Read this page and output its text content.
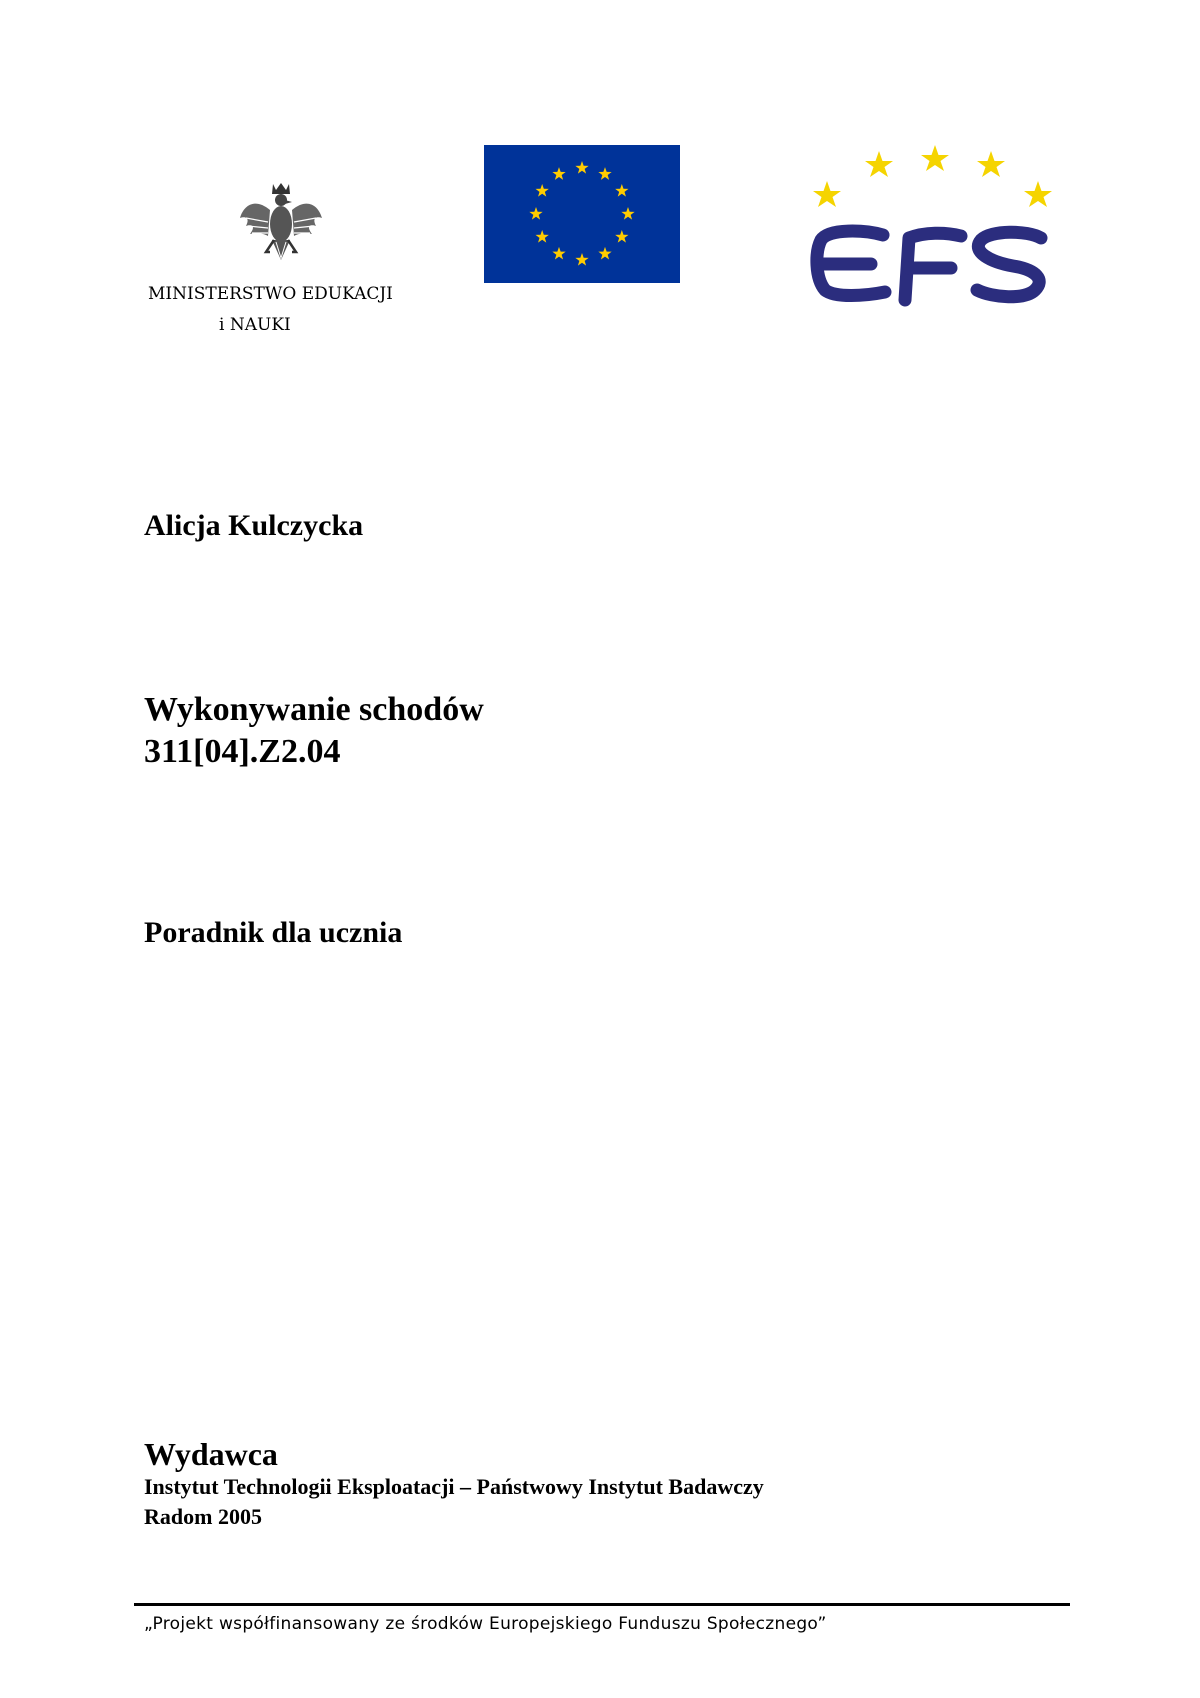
MINISTERSTWO EDUKACJI
i NAUKI
Alicja Kulczycka
Wykonywanie schodów
311[04].Z2.04
Poradnik dla ucznia
Wydawca
Instytut Technologii Eksploatacji – Państwowy Instytut Badawczy
Radom 2005
„Projekt współfinansowany ze środków Europejskiego Funduszu Społecznego”
